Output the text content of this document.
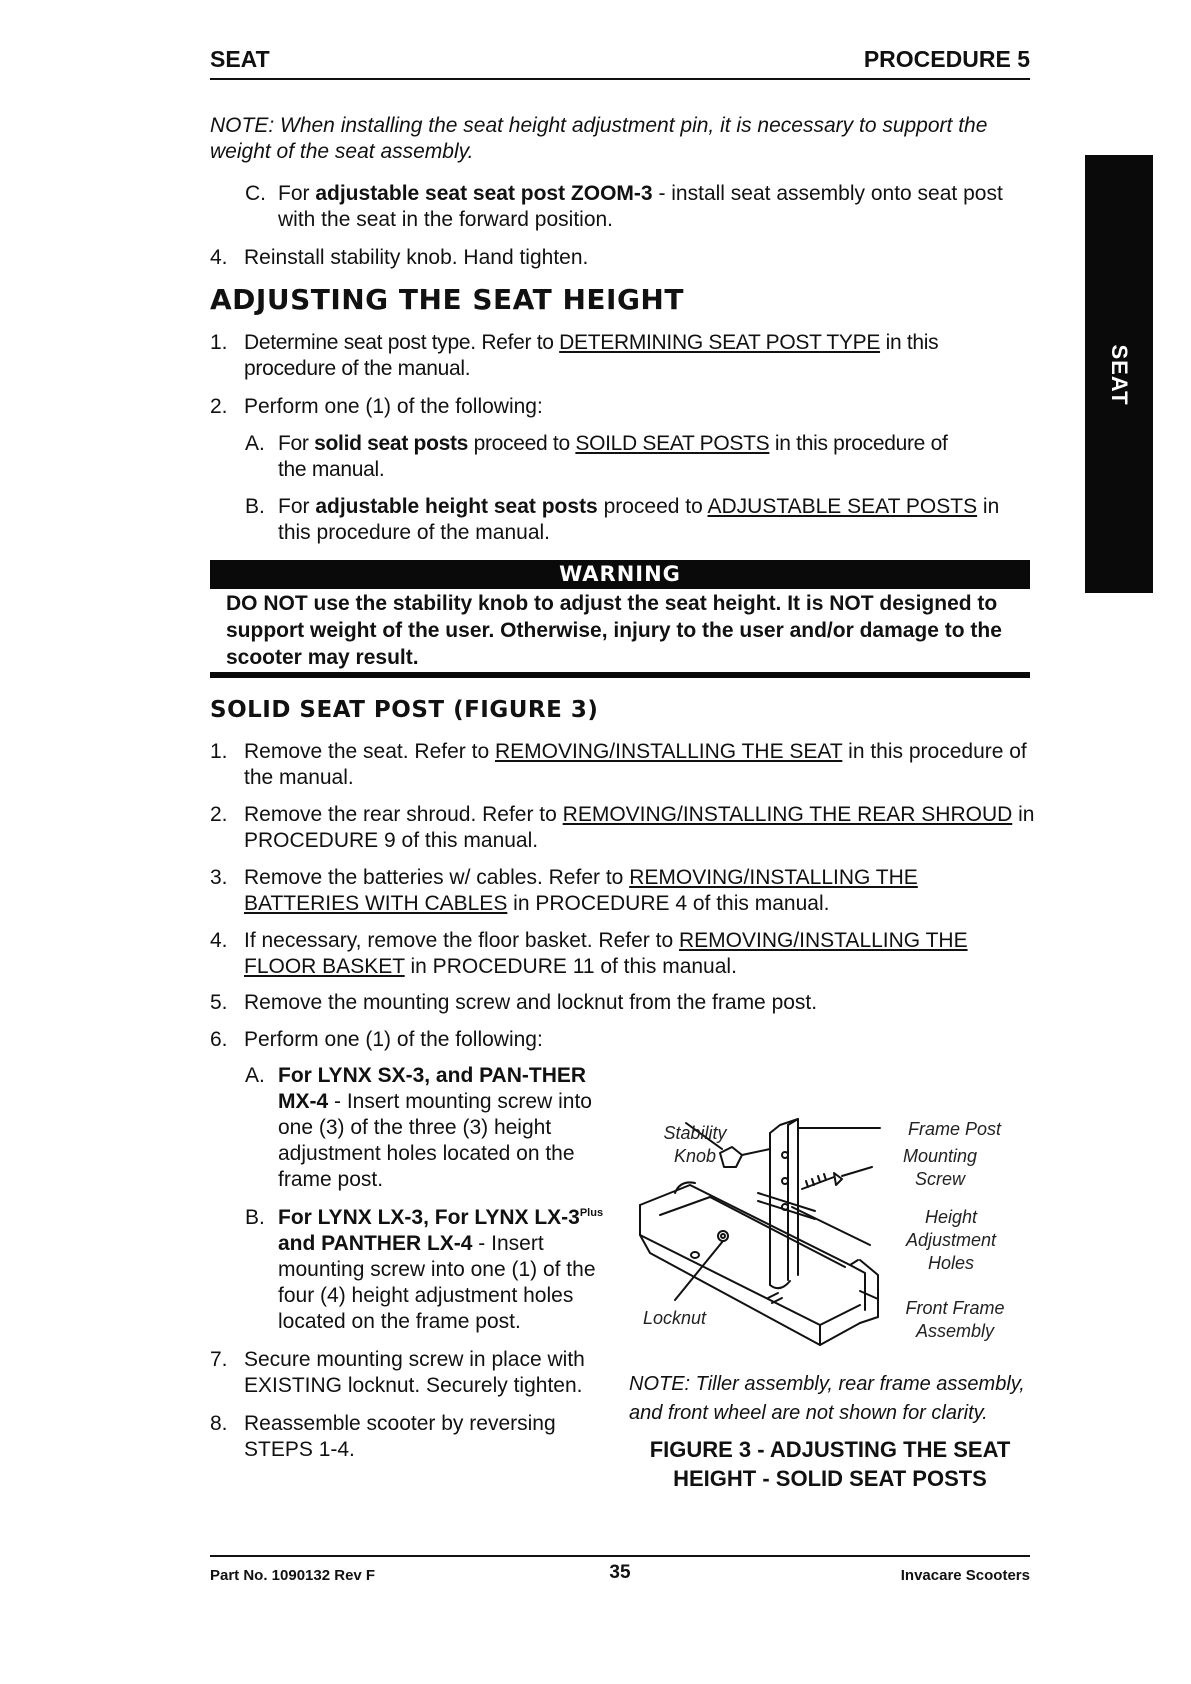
SEAT	PROCEDURE 5
SEAT
NOTE: When installing the seat height adjustment pin, it is necessary to support the weight of the seat assembly.
C. For adjustable seat seat post ZOOM-3 - install seat assembly onto seat post with the seat in the forward position.
4. Reinstall stability knob. Hand tighten.
ADJUSTING THE SEAT HEIGHT
1. Determine seat post type. Refer to DETERMINING SEAT POST TYPE in this procedure of the manual.
2. Perform one (1) of the following:
A. For solid seat posts proceed to SOILD SEAT POSTS in this procedure of the manual.
B. For adjustable height seat posts proceed to ADJUSTABLE SEAT POSTS in this procedure of the manual.
WARNING
DO NOT use the stability knob to adjust the seat height. It is NOT designed to support weight of the user. Otherwise, injury to the user and/or damage to the scooter may result.
SOLID SEAT POST (FIGURE 3)
1. Remove the seat. Refer to REMOVING/INSTALLING THE SEAT in this procedure of the manual.
2. Remove the rear shroud. Refer to REMOVING/INSTALLING THE REAR SHROUD in PROCEDURE 9 of this manual.
3. Remove the batteries w/ cables. Refer to REMOVING/INSTALLING THE BATTERIES WITH CABLES in PROCEDURE 4 of this manual.
4. If necessary, remove the floor basket. Refer to REMOVING/INSTALLING THE FLOOR BASKET in PROCEDURE 11 of this manual.
5. Remove the mounting screw and locknut from the frame post.
6. Perform one (1) of the following:
A. For LYNX SX-3, and PAN-THER MX-4 - Insert mounting screw into one (3) of the three (3) height adjustment holes located on the frame post.
B. For LYNX LX-3, For LYNX $LX-3^{Plus}$ and PANTHER LX-4 - Insert mounting screw into one (1) of the four (4) height adjustment holes located on the frame post.
7. Secure mounting screw in place with EXISTING locknut. Securely tighten.
8. Reassemble scooter by reversing STEPS 1-4.
Stability Knob
Frame Post
Mounting Screw
Height Adjustment Holes
Front Frame Assembly
Locknut
NOTE: Tiller assembly, rear frame assembly, and front wheel are not shown for clarity.
FIGURE 3 - ADJUSTING THE SEAT HEIGHT - SOLID SEAT POSTS
Part No. 1090132 Rev F	35	Invacare Scooters
